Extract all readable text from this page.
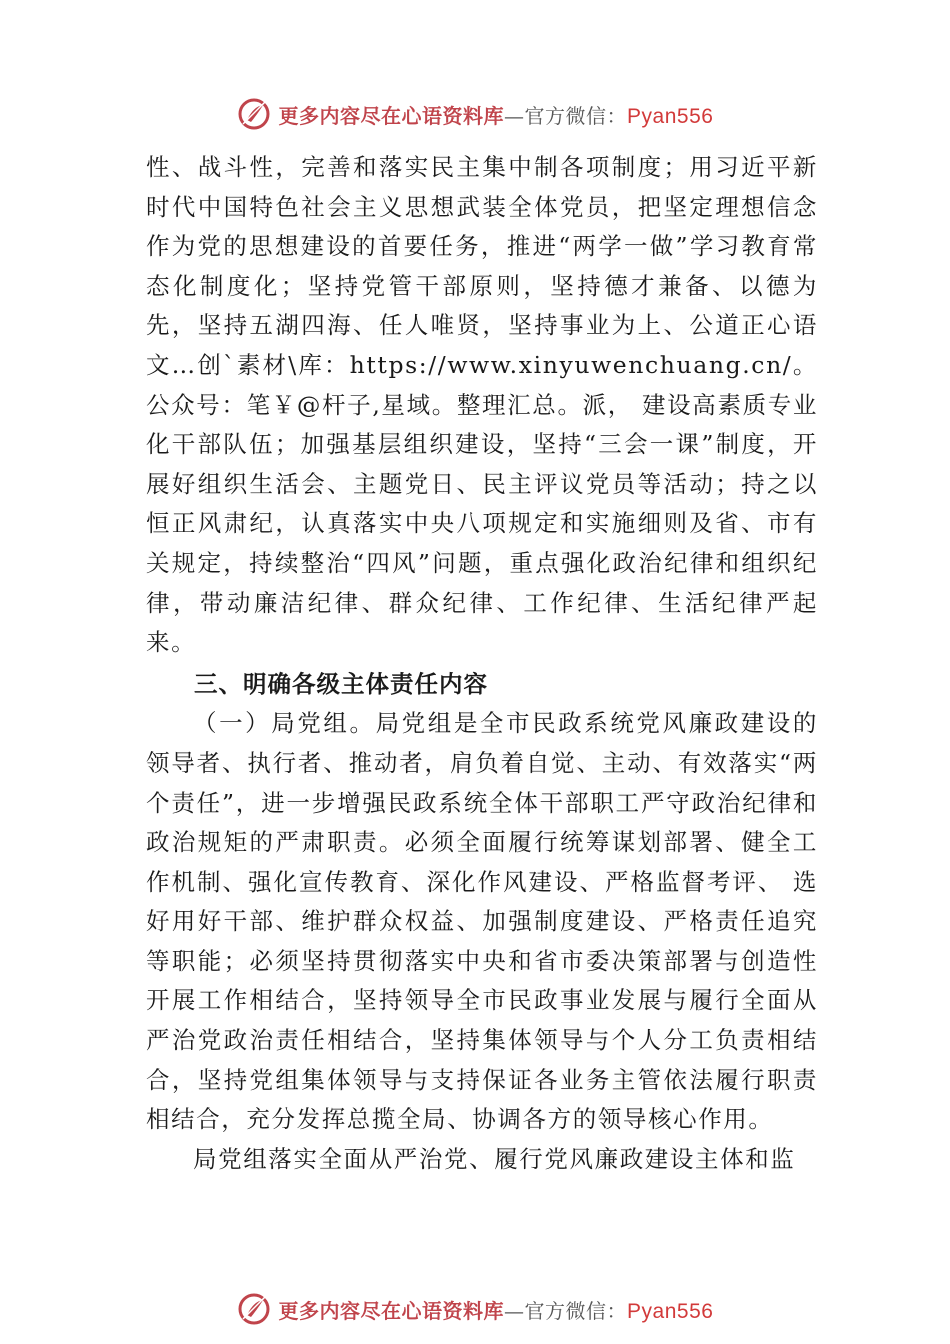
更多内容尽在心语资料库—官方微信：Pyan556

性、战斗性，完善和落实民主集中制各项制度；用习近平新时代中国特色社会主义思想武装全体党员，把坚定理想信念作为党的思想建设的首要任务，推进“两学一做”学习教育常态化制度化；坚持党管干部原则，坚持德才兼备、以德为先，坚持五湖四海、任人唯贤，坚持事业为上、公道正心语文…创`素材\库：https://www.xinyuwenchuang.cn/。公众号：笔￥@杆子,星域。整理汇总。派， 建设高素质专业化干部队伍；加强基层组织建设，坚持“三会一课”制度，开展好组织生活会、主题党日、民主评议党员等活动；持之以恒正风肃纪，认真落实中央八项规定和实施细则及省、市有关规定，持续整治“四风”问题，重点强化政治纪律和组织纪律，带动廉洁纪律、群众纪律、工作纪律、生活纪律严起来。

三、明确各级主体责任内容

（一）局党组。局党组是全市民政系统党风廉政建设的领导者、执行者、推动者，肩负着自觉、主动、有效落实“两个责任”，进一步增强民政系统全体干部职工严守政治纪律和政治规矩的严肃职责。必须全面履行统筹谋划部署、健全工作机制、强化宣传教育、深化作风建设、严格监督考评、 选好用好干部、维护群众权益、加强制度建设、严格责任追究等职能；必须坚持贯彻落实中央和省市委决策部署与创造性开展工作相结合，坚持领导全市民政事业发展与履行全面从严治党政治责任相结合，坚持集体领导与个人分工负责相结合，坚持党组集体领导与支持保证各业务主管依法履行职责相结合，充分发挥总揽全局、协调各方的领导核心作用。

局党组落实全面从严治党、履行党风廉政建设主体和监

更多内容尽在心语资料库—官方微信：Pyan556
